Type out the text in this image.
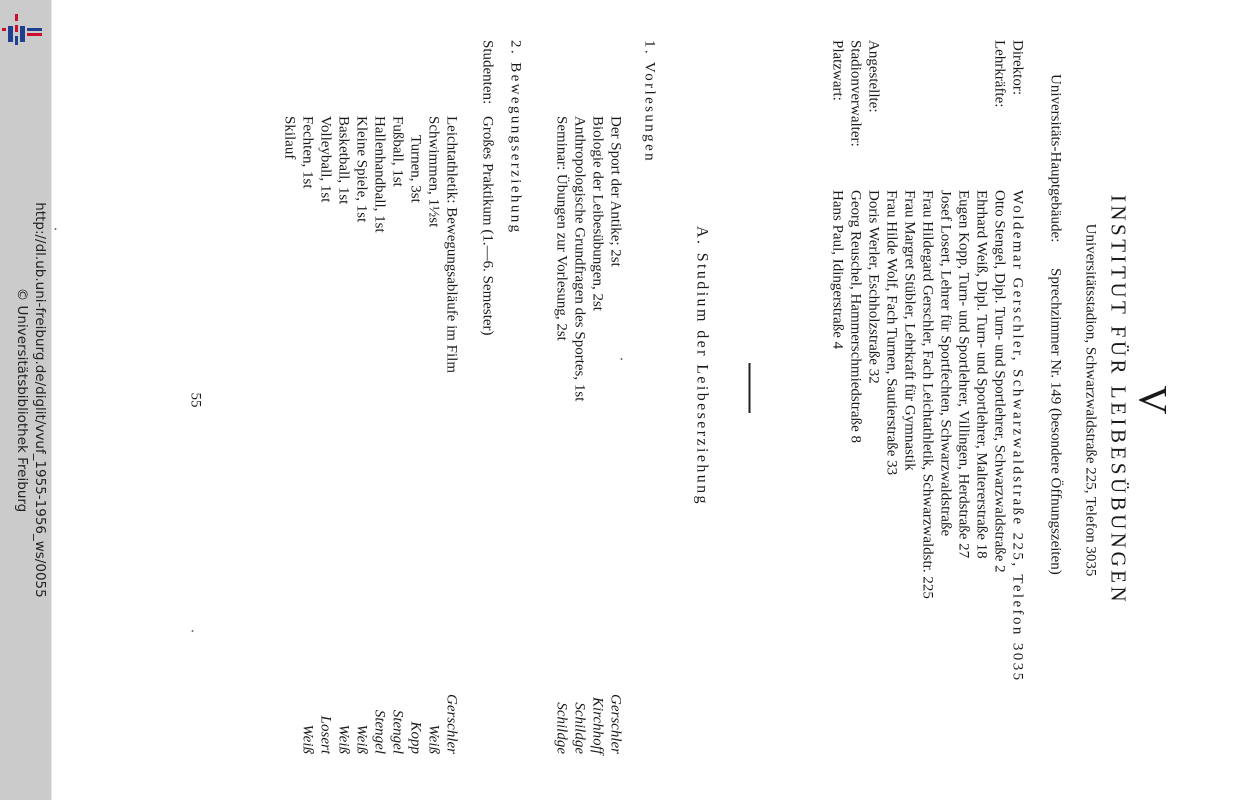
http://dl.ub.uni-freiburg.de/diglit/vvuf_1955-1956_ws/0055
© Universitätsbibliothek Freiburg	V
INSTITUT FÜR LEIBESÜBUNGEN
Universitätsstadion, Schwarzwaldstraße 225, Telefon 3035
Universitäts-Hauptgebäude:
Sprechzimmer Nr. 149 (besondere Öffnungszeiten)
Direktor:
Woldemar Gerschler, Schwarzwaldstraße 225, Telefon 3035
Lehrkräfte:
Otto Stengel, Dipl. Turn- und Sportlehrer, Schwarzwaldstraße 2
Ehrhard Weiß, Dipl. Turn- und Sportlehrer, Maltererstraße 18
Eugen Kopp, Turn- und Sportlehrer, Villingen, Herdstraße 27
Josef Losert, Lehrer für Sportfechten, Schwarzwaldstraße
Frau Hildegard Gerschler, Fach Leichtathletik, Schwarzwaldstr. 225
Frau Margret Stübler, Lehrkraft für Gymnastik
Frau Hilde Wolf, Fach Turnen, Sautierstraße 33
Angestellte:
Doris Werler, Eschholzstraße 32
Stadionverwalter:
Georg Reuschel, Hammerschmiedstraße 8
Platzwart:
Hans Paul, Idingerstraße 4
A. Studium der Leibeserziehung
1. Vorlesungen
Der Sport der Antike; 2st
Gerschler
Biologie der Leibesübungen, 2st
Kirchhoff
Anthropologische Grundfragen des Sportes, 1st
Schildge
Seminar: Übungen zur Vorlesung, 2st
Schildge
2. Bewegungserziehung
Studenten:
Großes Praktikum (1.—6. Semester)
Leichtathletik: Bewegungsabläufe im Film
Gerschler
Schwimmen, 1½st
Weiß
Turnen, 3st
Kopp
Fußball, 1st
Stengel
Hallenhandball, 1st
Stengel
Kleine Spiele, 1st
Weiß
Basketball, 1st
Weiß
Volleyball, 1st
Losert
Fechten, 1st
Weiß
Skilauf
55
